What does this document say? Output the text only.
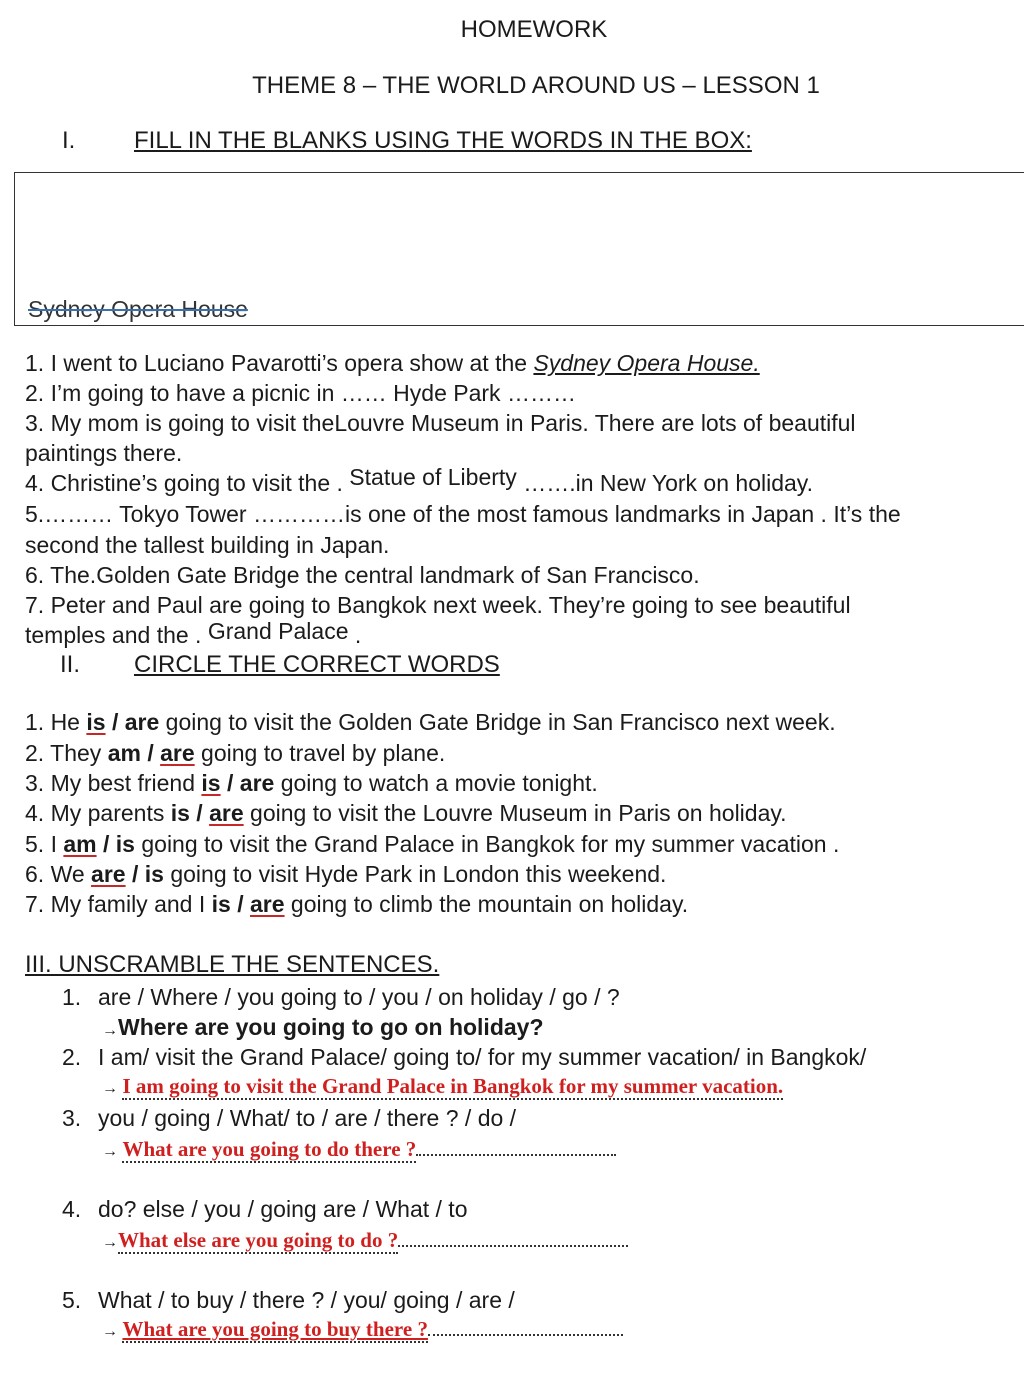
HOMEWORK
THEME 8 – THE WORLD AROUND US – LESSON 1
I. FILL IN THE BLANKS USING THE WORDS IN THE BOX:
Sydney Opera House
1. I went to Luciano Pavarotti’s opera show at the Sydney Opera House.
2. I’m going to have a picnic in …… Hyde Park ………
3. My mom is going to visit theLouvre Museum in Paris. There are lots of beautiful
paintings there.
4. Christine’s going to visit the . Statue of Liberty …….in New York on holiday.
5.……… Tokyo Tower …………is one of the most famous landmarks in Japan . It’s the
second the tallest building in Japan.
6. The.Golden Gate Bridge the central landmark of San Francisco.
7. Peter and Paul are going to Bangkok next week. They’re going to see beautiful
temples and the . Grand Palace .
II. CIRCLE THE CORRECT WORDS
1. He is / are going to visit the Golden Gate Bridge in San Francisco next week.
2. They am / are going to travel by plane.
3. My best friend is / are going to watch a movie tonight.
4. My parents is / are going to visit the Louvre Museum in Paris on holiday.
5. I am / is going to visit the Grand Palace in Bangkok for my summer vacation .
6. We are / is going to visit Hyde Park in London this weekend.
7. My family and I is / are going to climb the mountain on holiday.
III. UNSCRAMBLE THE SENTENCES.
1. are / Where / you going to / you / on holiday / go / ?
→Where are you going to go on holiday?
2. I am/ visit the Grand Palace/ going to/ for my summer vacation/ in Bangkok/
→ I am going to visit the Grand Palace in Bangkok for my summer vacation.
3. you / going / What/ to / are / there ? / do /
→ What are you going to do there ?
4. do? else / you / going are / What / to
→What else are you going to do ?
5. What / to buy / there ? / you/ going / are /
→ What are you going to buy there ?
